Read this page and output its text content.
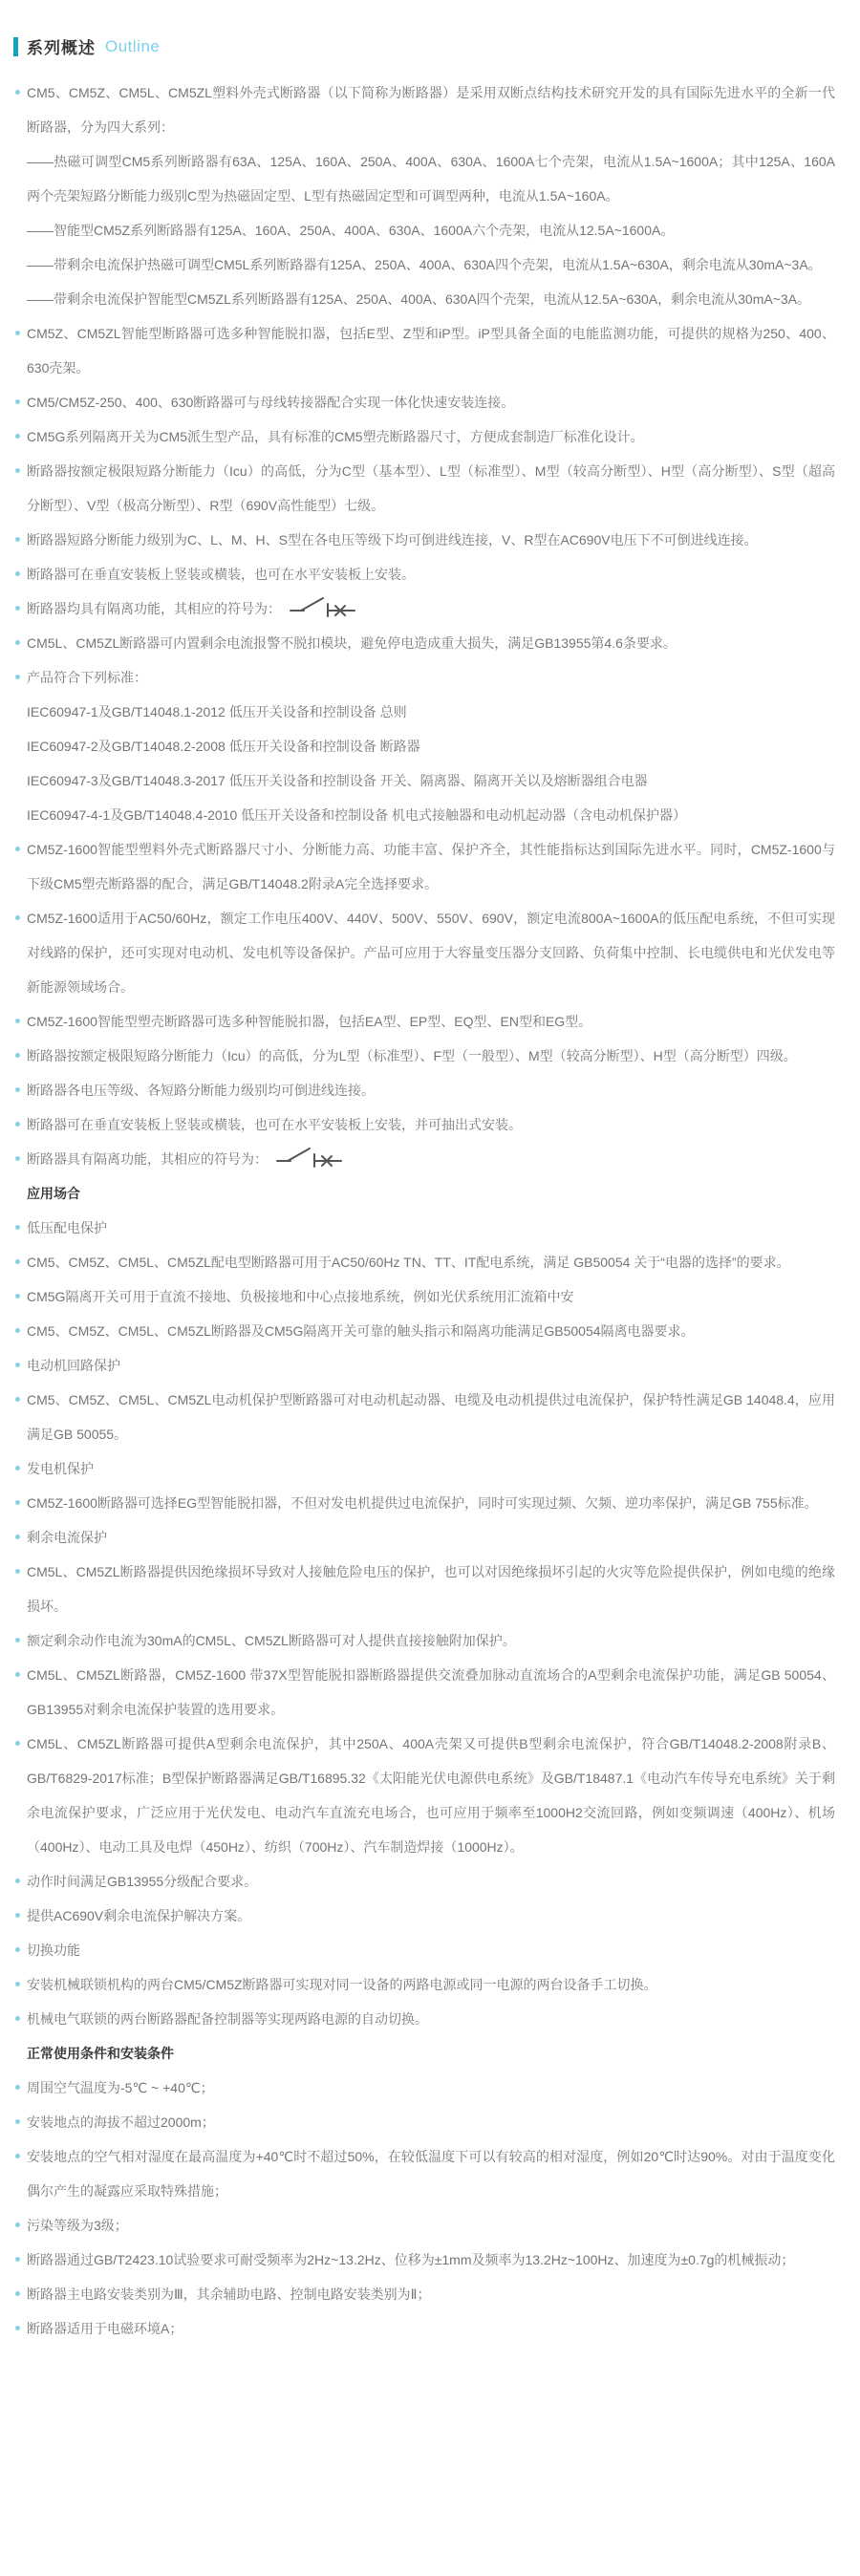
系列概述 Outline

CM5、CM5Z、CM5L、CM5ZL塑料外壳式断路器（以下简称为断路器）是采用双断点结构技术研究开发的具有国际先进水平的全新一代断路器，分为四大系列：

——热磁可调型CM5系列断路器有63A、125A、160A、250A、400A、630A、1600A七个壳架，电流从1.5A~1600A；其中125A、160A两个壳架短路分断能力级别C型为热磁固定型、L型有热磁固定型和可调型两种，电流从1.5A~160A。

——智能型CM5Z系列断路器有125A、160A、250A、400A、630A、1600A六个壳架，电流从12.5A~1600A。

——带剩余电流保护热磁可调型CM5L系列断路器有125A、250A、400A、630A四个壳架，电流从1.5A~630A，剩余电流从30mA~3A。

——带剩余电流保护智能型CM5ZL系列断路器有125A、250A、400A、630A四个壳架，电流从12.5A~630A，剩余电流从30mA~3A。

CM5Z、CM5ZL智能型断路器可选多种智能脱扣器，包括E型、Z型和iP型。iP型具备全面的电能监测功能，可提供的规格为250、400、630壳架。

CM5/CM5Z-250、400、630断路器可与母线转接器配合实现一体化快速安装连接。

CM5G系列隔离开关为CM5派生型产品，具有标准的CM5塑壳断路器尺寸，方便成套制造厂标准化设计。

断路器按额定极限短路分断能力（Icu）的高低，分为C型（基本型）、L型（标准型）、M型（较高分断型）、H型（高分断型）、S型（超高分断型）、V型（极高分断型）、R型（690V高性能型）七级。

断路器短路分断能力级别为C、L、M、H、S型在各电压等级下均可倒进线连接，V、R型在AC690V电压下不可倒进线连接。

断路器可在垂直安装板上竖装或横装，也可在水平安装板上安装。

断路器均具有隔离功能，其相应的符号为：

CM5L、CM5ZL断路器可内置剩余电流报警不脱扣模块，避免停电造成重大损失，满足GB13955第4.6条要求。

产品符合下列标准：

IEC60947-1及GB/T14048.1-2012 低压开关设备和控制设备 总则

IEC60947-2及GB/T14048.2-2008 低压开关设备和控制设备 断路器

IEC60947-3及GB/T14048.3-2017 低压开关设备和控制设备 开关、隔离器、隔离开关以及熔断器组合电器

IEC60947-4-1及GB/T14048.4-2010 低压开关设备和控制设备 机电式接触器和电动机起动器（含电动机保护器）

CM5Z-1600智能型塑料外壳式断路器尺寸小、分断能力高、功能丰富、保护齐全，其性能指标达到国际先进水平。同时，CM5Z-1600与下级CM5塑壳断路器的配合，满足GB/T14048.2附录A完全选择要求。

CM5Z-1600适用于AC50/60Hz，额定工作电压400V、440V、500V、550V、690V，额定电流800A~1600A的低压配电系统，不但可实现对线路的保护，还可实现对电动机、发电机等设备保护。产品可应用于大容量变压器分支回路、负荷集中控制、长电缆供电和光伏发电等新能源领域场合。

CM5Z-1600智能型塑壳断路器可选多种智能脱扣器，包括EA型、EP型、EQ型、EN型和EG型。

断路器按额定极限短路分断能力（Icu）的高低，分为L型（标准型）、F型（一般型）、M型（较高分断型）、H型（高分断型）四级。

断路器各电压等级、各短路分断能力级别均可倒进线连接。

断路器可在垂直安装板上竖装或横装，也可在水平安装板上安装，并可抽出式安装。

断路器具有隔离功能，其相应的符号为：

应用场合

低压配电保护

CM5、CM5Z、CM5L、CM5ZL配电型断路器可用于AC50/60Hz TN、TT、IT配电系统，满足 GB50054 关于“电器的选择”的要求。

CM5G隔离开关可用于直流不接地、负极接地和中心点接地系统，例如光伏系统用汇流箱中安

CM5、CM5Z、CM5L、CM5ZL断路器及CM5G隔离开关可靠的触头指示和隔离功能满足GB50054隔离电器要求。

电动机回路保护

CM5、CM5Z、CM5L、CM5ZL电动机保护型断路器可对电动机起动器、电缆及电动机提供过电流保护，保护特性满足GB 14048.4，应用满足GB 50055。

发电机保护

CM5Z-1600断路器可选择EG型智能脱扣器，不但对发电机提供过电流保护，同时可实现过频、欠频、逆功率保护，满足GB 755标准。

剩余电流保护

CM5L、CM5ZL断路器提供因绝缘损坏导致对人接触危险电压的保护，也可以对因绝缘损坏引起的火灾等危险提供保护，例如电缆的绝缘损坏。

额定剩余动作电流为30mA的CM5L、CM5ZL断路器可对人提供直接接触附加保护。

CM5L、CM5ZL断路器，CM5Z-1600 带37X型智能脱扣器断路器提供交流叠加脉动直流场合的A型剩余电流保护功能，满足GB 50054、GB13955对剩余电流保护装置的选用要求。

CM5L、CM5ZL断路器可提供A型剩余电流保护，其中250A、400A壳架又可提供B型剩余电流保护，符合GB/T14048.2-2008附录B、GB/T6829-2017标准；B型保护断路器满足GB/T16895.32《太阳能光伏电源供电系统》及GB/T18487.1《电动汽车传导充电系统》关于剩余电流保护要求，广泛应用于光伏发电、电动汽车直流充电场合，也可应用于频率至1000H2交流回路，例如变频调速（400Hz）、机场（400Hz）、电动工具及电焊（450Hz）、纺织（700Hz）、汽车制造焊接（1000Hz）。

动作时间满足GB13955分级配合要求。

提供AC690V剩余电流保护解决方案。

切换功能

安装机械联锁机构的两台CM5/CM5Z断路器可实现对同一设备的两路电源或同一电源的两台设备手工切换。

机械电气联锁的两台断路器配备控制器等实现两路电源的自动切换。

正常使用条件和安装条件

周围空气温度为-5℃ ~ +40℃；

安装地点的海拔不超过2000m；

安装地点的空气相对湿度在最高温度为+40℃时不超过50%，在较低温度下可以有较高的相对湿度，例如20℃时达90%。对由于温度变化偶尔产生的凝露应采取特殊措施；

污染等级为3级；

断路器通过GB/T2423.10试验要求可耐受频率为2Hz~13.2Hz、位移为±1mm及频率为13.2Hz~100Hz、加速度为±0.7g的机械振动；

断路器主电路安装类别为Ⅲ，其余辅助电路、控制电路安装类别为Ⅱ；

断路器适用于电磁环境A；
